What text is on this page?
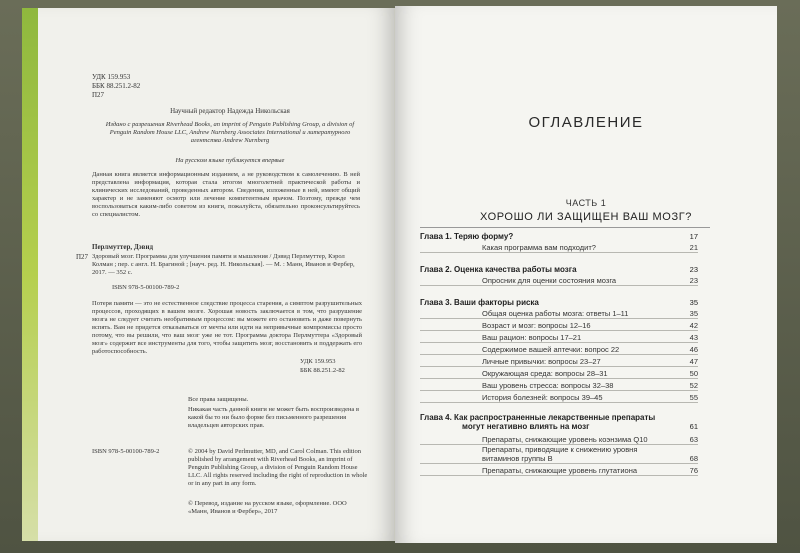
УДК 159.953
ББК 88.251.2-82
П27
Научный редактор Надежда Никольская
Издано с разрешения Riverhead Books, an imprint of Penguin Publishing Group, a division of Penguin Random House LLC, Andrew Nurnberg Associates International и литературного агентства Andrew Nurnberg
На русском языке публикуется впервые
Данная книга является информационным изданием, а не руководством к самолечению. В ней представлена информация, которая стала итогом многолетней практической работы и клинических исследований, проведенных автором. Сведения, изложенные в ней, имеют общий характер и не заменяют осмотр или лечение компетентным врачом. Поэтому, прежде чем воспользоваться каким-либо советом из книги, пожалуйста, обязательно проконсультируйтесь со специалистом.
Перлмуттер, Дэвид
П27 Здоровый мозг. Программа для улучшения памяти и мышления / Дэвид Перлмуттер, Кэрол Колман ; пер. с англ. Н. Брагиной ; [науч. ред. Н. Никольская]. — М. : Манн, Иванов и Фербер, 2017. — 352 с.
ISBN 978-5-00100-789-2
Потеря памяти — это не естественное следствие процесса старения, а симптом разрушительных процессов, проходящих в вашем мозге. Хорошая новость заключается в том, что разрушение мозга не следует считать необратимым процессом: вы можете его остановить и даже повернуть вспять. Вам не придется отказываться от мечты или идти на непривычные компромиссы просто потому, что вы решили, что ваш мозг уже не тот. Программа доктора Перлмуттера «Здоровый мозг» содержит все инструменты для того, чтобы защитить мозг, восстановить и поддержать его работоспособность.
УДК 159.953
ББК 88.251.2-82
Все права защищены.
Никакая часть данной книги не может быть воспроизведена в какой бы то ни было форме без письменного разрешения владельцев авторских прав.
ISBN 978-5-00100-789-2	© 2004 by David Perlmutter, MD, and Carol Colman. This edition published by arrangement with Riverhead Books, an imprint of Penguin Publishing Group, a division of Penguin Random House LLC. All rights reserved including the right of reproduction in whole or in any part in any form.
© Перевод, издание на русском языке, оформление. ООО «Манн, Иванов и Фербер», 2017
ОГЛАВЛЕНИЕ
ЧАСТЬ 1
ХОРОШО ЛИ ЗАЩИЩЕН ВАШ МОЗГ?
Глава 1. Теряю форму?	17
Какая программа вам подходит?	21
Глава 2. Оценка качества работы мозга	23
Опросник для оценки состояния мозга	23
Глава 3. Ваши факторы риска	35
Общая оценка работы мозга: ответы 1–11	35
Возраст и мозг: вопросы 12–16	42
Ваш рацион: вопросы 17–21	43
Содержимое вашей аптечки: вопрос 22	46
Личные привычки: вопросы 23–27	47
Окружающая среда: вопросы 28–31	50
Ваш уровень стресса: вопросы 32–38	52
История болезней: вопросы 39–45	55
Глава 4. Как распространенные лекарственные препараты
могут негативно влиять на мозг	61
Препараты, снижающие уровень коэнзима Q10	63
Препараты, приводящие к снижению уровня
витаминов группы B	68
Препараты, снижающие уровень глутатиона	76
